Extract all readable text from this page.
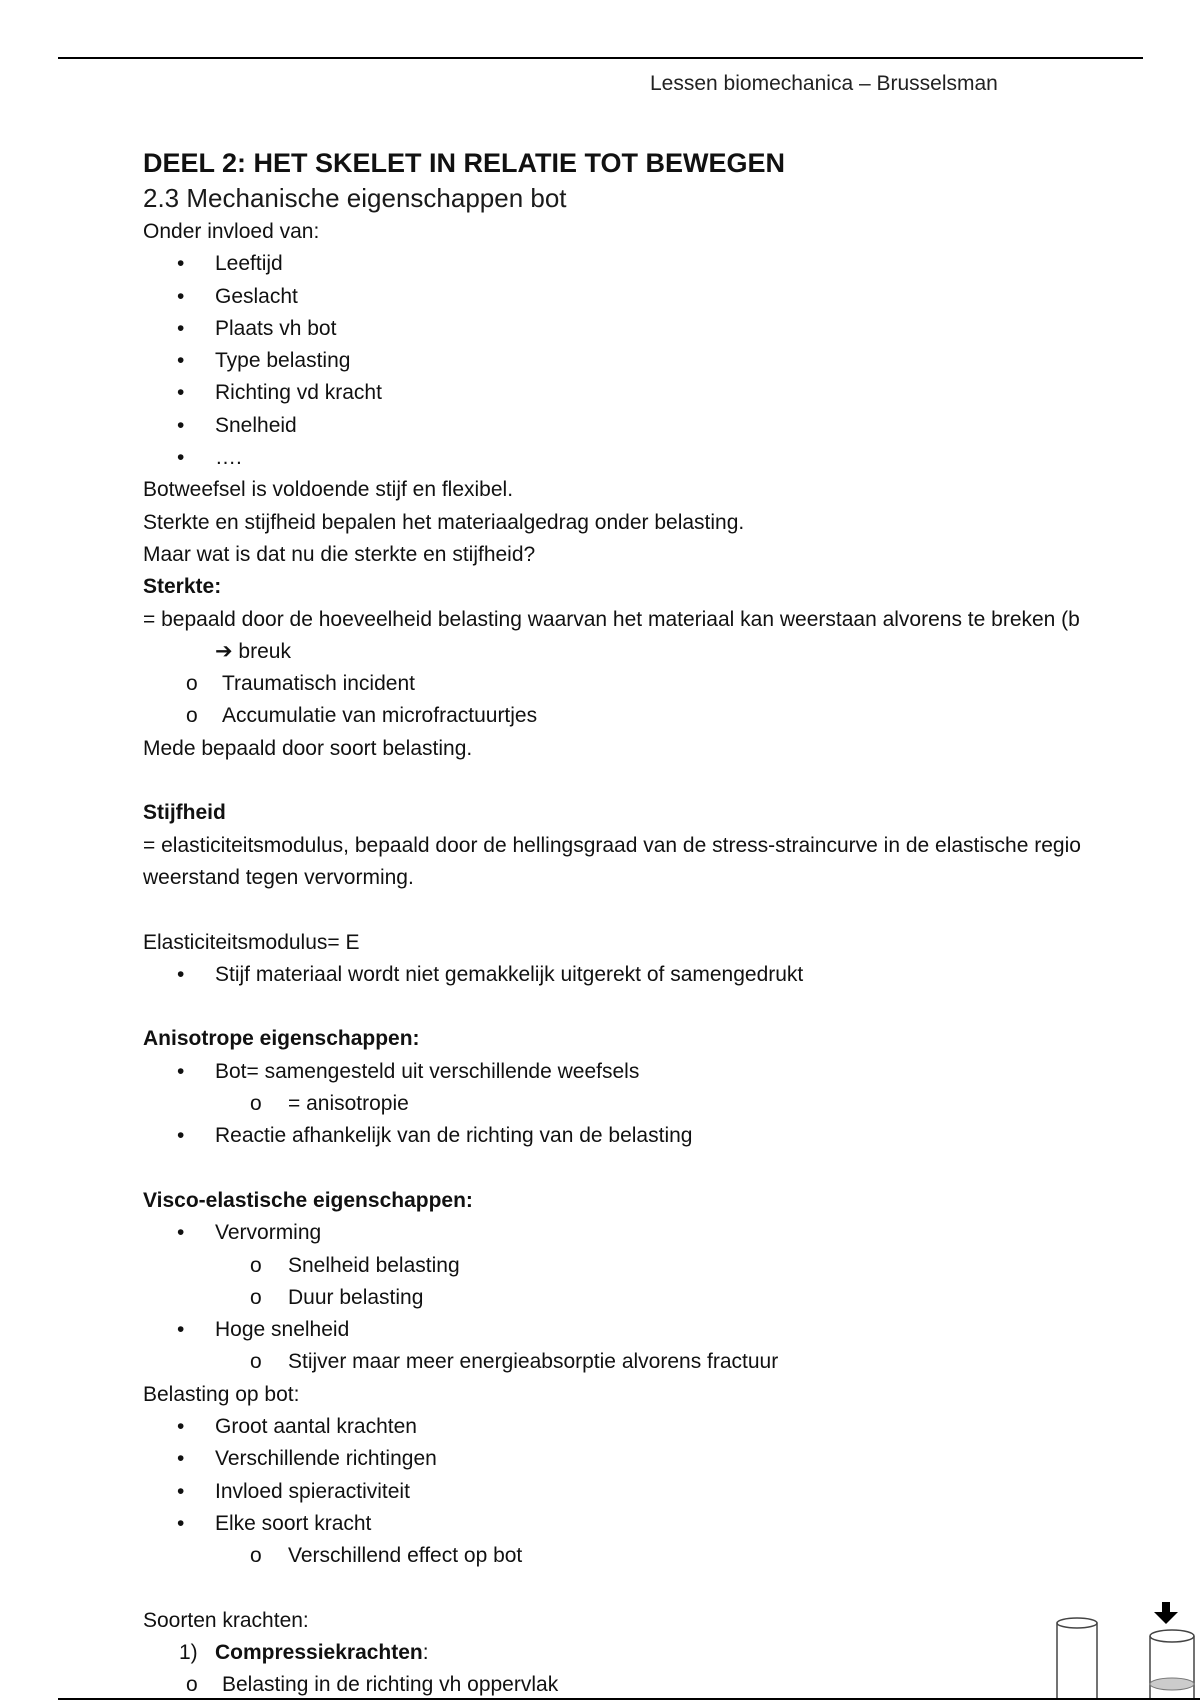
Lessen biomechanica – Brusselsman
DEEL 2: HET SKELET IN RELATIE TOT BEWEGEN
2.3 Mechanische eigenschappen bot
Onder invloed van:
• Leeftijd
• Geslacht
• Plaats vh bot
• Type belasting
• Richting vd kracht
• Snelheid
• ….
Botweefsel is voldoende stijf en flexibel.
Sterkte en stijfheid bepalen het materiaalgedrag onder belasting.
Maar wat is dat nu die sterkte en stijfheid?
Sterkte:
= bepaald door de hoeveelheid belasting waarvan het materiaal kan weerstaan alvorens te breken (b
➔ breuk
o Traumatisch incident
o Accumulatie van microfractuurtjes
Mede bepaald door soort belasting.
Stijfheid
= elasticiteitsmodulus, bepaald door de hellingsgraad van de stress-straincurve in de elastische regio
weerstand tegen vervorming.
Elasticiteitsmodulus= E
• Stijf materiaal wordt niet gemakkelijk uitgerekt of samengedrukt
Anisotrope eigenschappen:
• Bot= samengesteld uit verschillende weefsels
o = anisotropie
• Reactie afhankelijk van de richting van de belasting
Visco-elastische eigenschappen:
• Vervorming
o Snelheid belasting
o Duur belasting
• Hoge snelheid
o Stijver maar meer energieabsorptie alvorens fractuur
Belasting op bot:
• Groot aantal krachten
• Verschillende richtingen
• Invloed spieractiviteit
• Elke soort kracht
o Verschillend effect op bot
Soorten krachten:
1) Compressiekrachten:
o Belasting in de richting vh oppervlak
